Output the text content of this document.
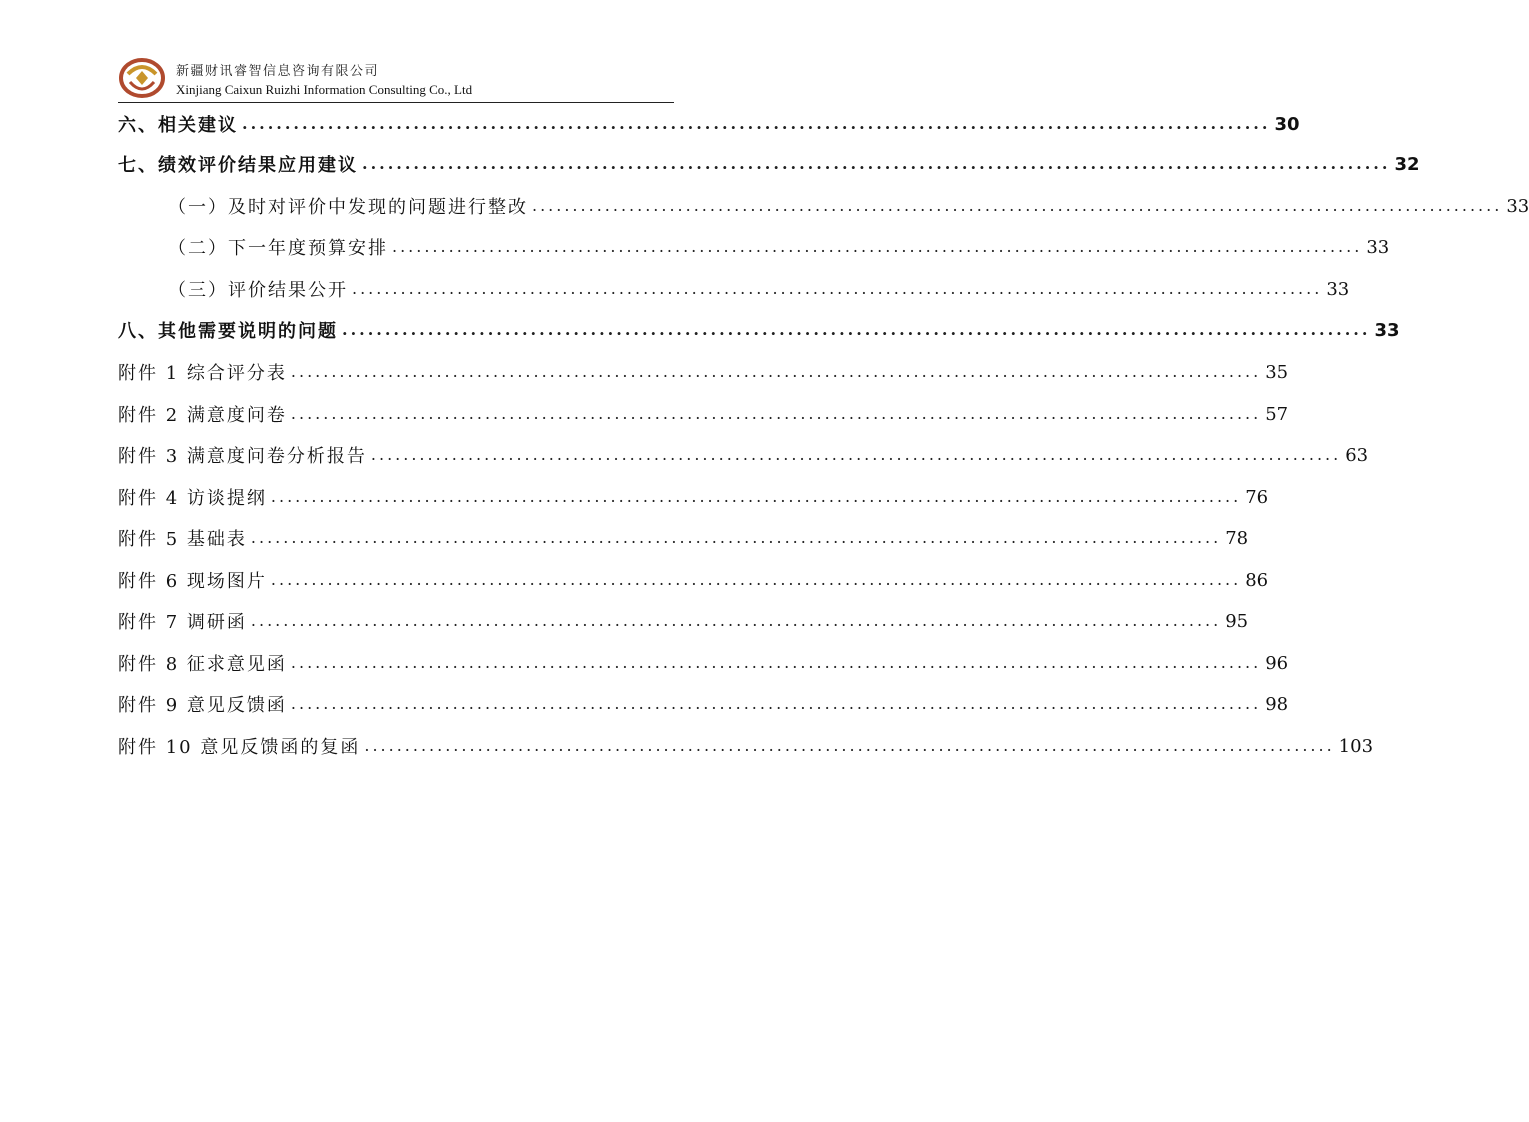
新疆财讯睿智信息咨询有限公司
Xinjiang Caixun Ruizhi Information Consulting Co., Ltd
六、相关建议 ........................................................................................................................ 30
七、绩效评价结果应用建议 ........................................................................................................................ 32
（一）及时对评价中发现的问题进行整改 ........................................................................................................................ 33
（二）下一年度预算安排 ........................................................................................................................ 33
（三）评价结果公开 ........................................................................................................................ 33
八、其他需要说明的问题 ........................................................................................................................ 33
附件 1 综合评分表 ........................................................................................................................ 35
附件 2 满意度问卷 ........................................................................................................................ 57
附件 3 满意度问卷分析报告 ........................................................................................................................ 63
附件 4 访谈提纲 ........................................................................................................................ 76
附件 5 基础表 ........................................................................................................................ 78
附件 6 现场图片 ........................................................................................................................ 86
附件 7 调研函 ........................................................................................................................ 95
附件 8 征求意见函 ........................................................................................................................ 96
附件 9 意见反馈函 ........................................................................................................................ 98
附件 10 意见反馈函的复函 ........................................................................................................................ 103
